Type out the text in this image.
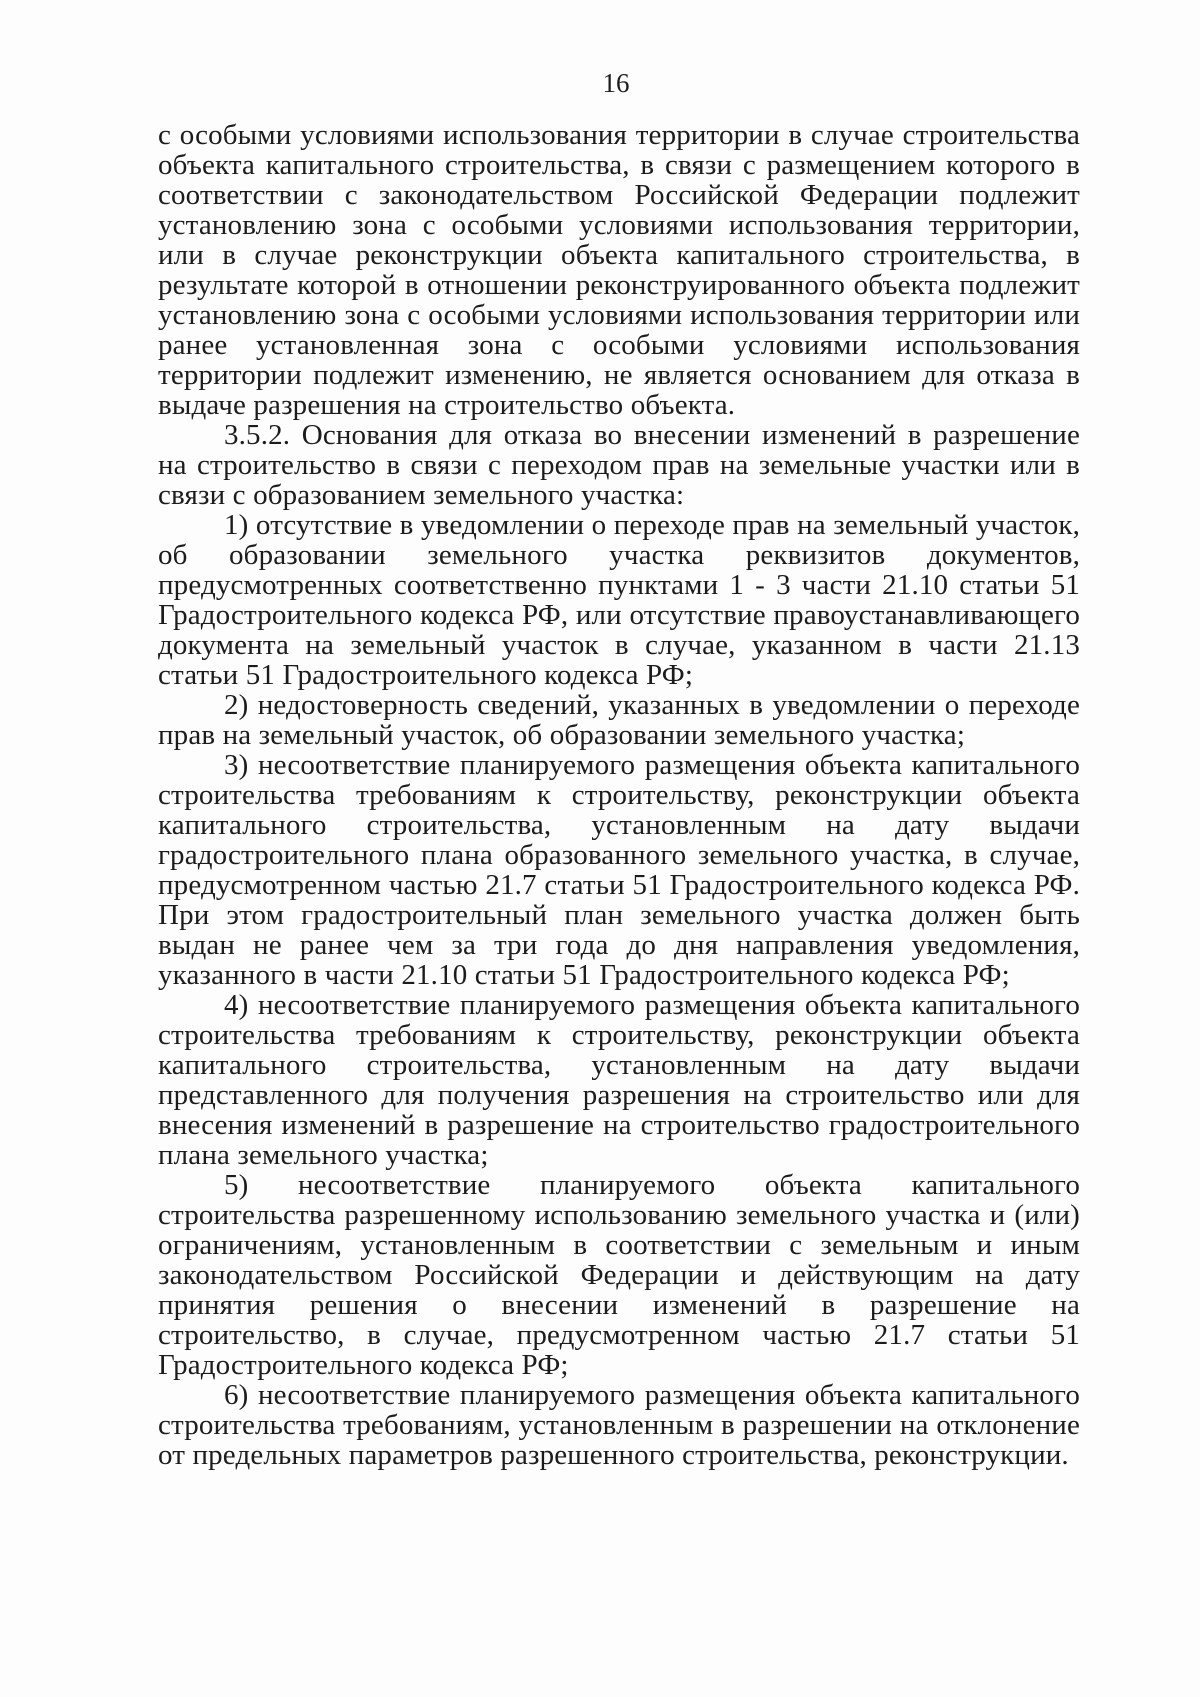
16

с особыми условиями использования территории в случае строительства объекта капитального строительства, в связи с размещением которого в соответствии с законодательством Российской Федерации подлежит установлению зона с особыми условиями использования территории, или в случае реконструкции объекта капитального строительства, в результате которой в отношении реконструированного объекта подлежит установлению зона с особыми условиями использования территории или ранее установленная зона с особыми условиями использования территории подлежит изменению, не является основанием для отказа в выдаче разрешения на строительство объекта.

3.5.2. Основания для отказа во внесении изменений в разрешение на строительство в связи с переходом прав на земельные участки или в связи с образованием земельного участка:

1) отсутствие в уведомлении о переходе прав на земельный участок, об образовании земельного участка реквизитов документов, предусмотренных соответственно пунктами 1 - 3 части 21.10 статьи 51 Градостроительного кодекса РФ, или отсутствие правоустанавливающего документа на земельный участок в случае, указанном в части 21.13 статьи 51 Градостроительного кодекса РФ;

2) недостоверность сведений, указанных в уведомлении о переходе прав на земельный участок, об образовании земельного участка;

3) несоответствие планируемого размещения объекта капитального строительства требованиям к строительству, реконструкции объекта капитального строительства, установленным на дату выдачи градостроительного плана образованного земельного участка, в случае, предусмотренном частью 21.7 статьи 51 Градостроительного кодекса РФ. При этом градостроительный план земельного участка должен быть выдан не ранее чем за три года до дня направления уведомления, указанного в части 21.10 статьи 51 Градостроительного кодекса РФ;

4) несоответствие планируемого размещения объекта капитального строительства требованиям к строительству, реконструкции объекта капитального строительства, установленным на дату выдачи представленного для получения разрешения на строительство или для внесения изменений в разрешение на строительство градостроительного плана земельного участка;

5) несоответствие планируемого объекта капитального строительства разрешенному использованию земельного участка и (или) ограничениям, установленным в соответствии с земельным и иным законодательством Российской Федерации и действующим на дату принятия решения о внесении изменений в разрешение на строительство, в случае, предусмотренном частью 21.7 статьи 51 Градостроительного кодекса РФ;

6) несоответствие планируемого размещения объекта капитального строительства требованиям, установленным в разрешении на отклонение от предельных параметров разрешенного строительства, реконструкции.
